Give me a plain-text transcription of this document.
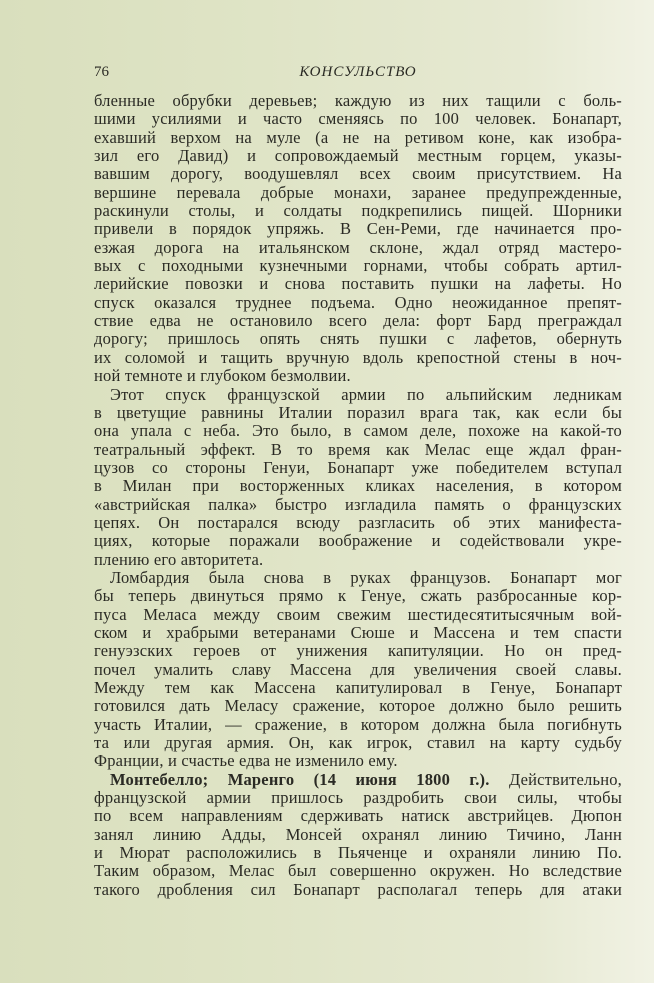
76	КОНСУЛЬСТВО
бленные обрубки деревьев; каждую из них тащили с боль-
шими усилиями и часто сменяясь по 100 человек. Бонапарт,
ехавший верхом на муле (а не на ретивом коне, как изобра-
зил его Давид) и сопровождаемый местным горцем, указы-
вавшим дорогу, воодушевлял всех своим присутствием. На
вершине перевала добрые монахи, заранее предупрежденные,
раскинули столы, и солдаты подкрепились пищей. Шорники
привели в порядок упряжь. В Сен-Реми, где начинается про-
езжая дорога на итальянском склоне, ждал отряд мастеро-
вых с походными кузнечными горнами, чтобы собрать артил-
лерийские повозки и снова поставить пушки на лафеты. Но
спуск оказался труднее подъема. Одно неожиданное препят-
ствие едва не остановило всего дела: форт Бард преграждал
дорогу; пришлось опять снять пушки с лафетов, обернуть
их соломой и тащить вручную вдоль крепостной стены в ноч-
ной темноте и глубоком безмолвии.
Этот спуск французской армии по альпийским ледникам
в цветущие равнины Италии поразил врага так, как если бы
она упала с неба. Это было, в самом деле, похоже на какой-то
театральный эффект. В то время как Мелас еще ждал фран-
цузов со стороны Генуи, Бонапарт уже победителем вступал
в Милан при восторженных кликах населения, в котором
«австрийская палка» быстро изгладила память о французских
цепях. Он постарался всюду разгласить об этих манифеста-
циях, которые поражали воображение и содействовали укре-
плению его авторитета.
Ломбардия была снова в руках французов. Бонапарт мог
бы теперь двинуться прямо к Генуе, сжать разбросанные кор-
пуса Меласа между своим свежим шестидесятитысячным вой-
ском и храбрыми ветеранами Сюше и Массена и тем спасти
генуэзских героев от унижения капитуляции. Но он пред-
почел умалить славу Массена для увеличения своей славы.
Между тем как Массена капитулировал в Генуе, Бонапарт
готовился дать Меласу сражение, которое должно было решить
участь Италии, — сражение, в котором должна была погибнуть
та или другая армия. Он, как игрок, ставил на карту судьбу
Франции, и счастье едва не изменило ему.
Монтебелло; Маренго (14 июня 1800 г.). Действительно,
французской армии пришлось раздробить свои силы, чтобы
по всем направлениям сдерживать натиск австрийцев. Дюпон
занял линию Адды, Монсей охранял линию Тичино, Ланн
и Мюрат расположились в Пьяченце и охраняли линию По.
Таким образом, Мелас был совершенно окружен. Но вследствие
такого дробления сил Бонапарт располагал теперь для атаки
